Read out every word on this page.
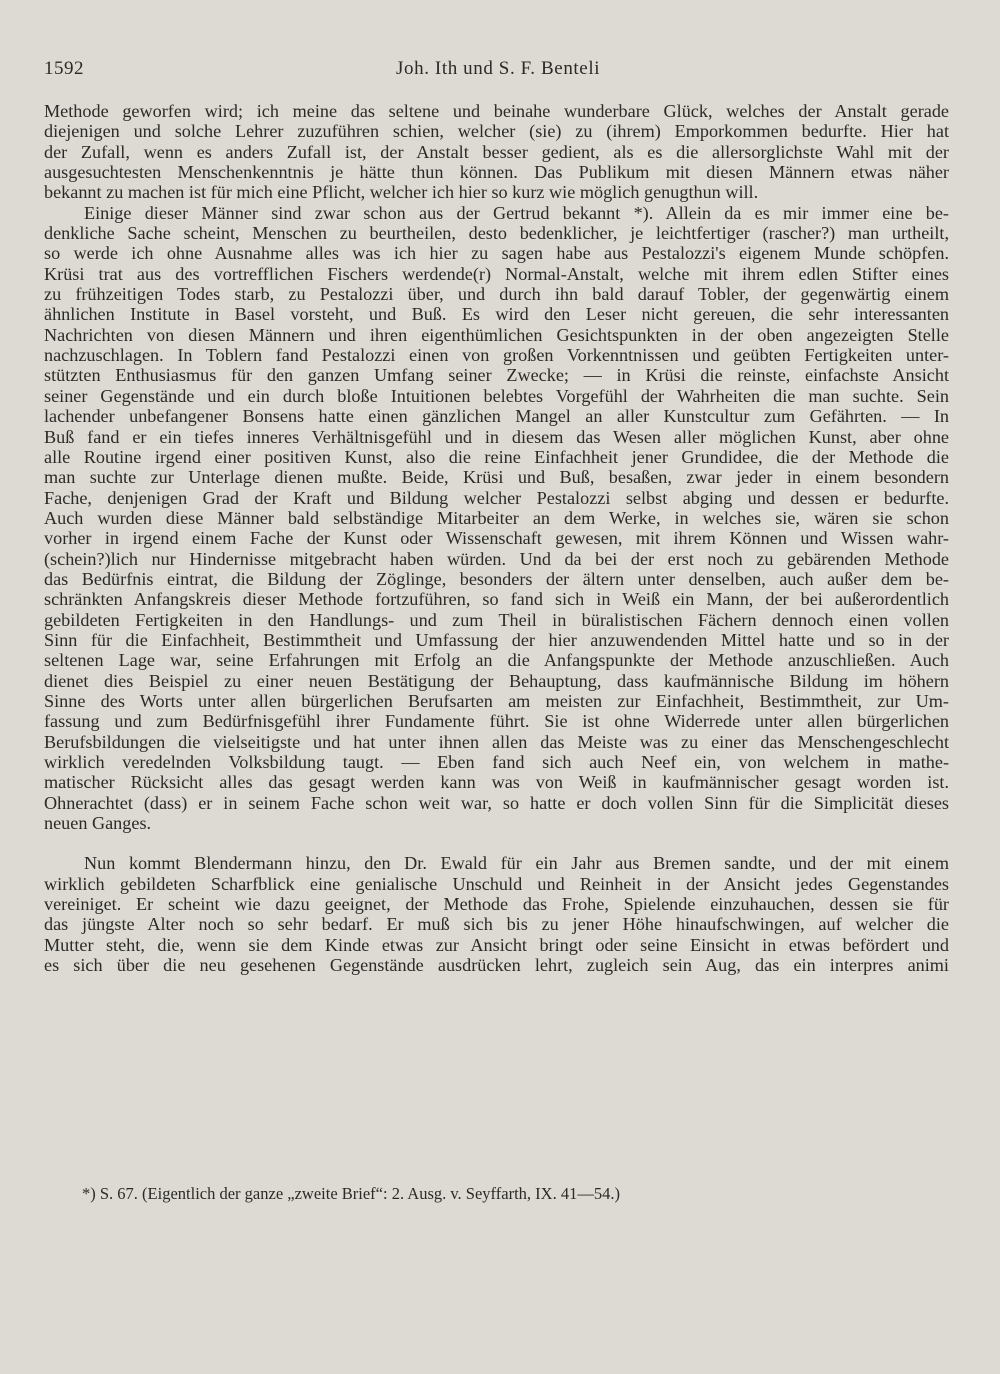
1592	Joh. Ith und S. F. Benteli
Methode geworfen wird; ich meine das seltene und beinahe wunderbare Glück, welches der Anstalt gerade
diejenigen und solche Lehrer zuzuführen schien, welcher (sie) zu (ihrem) Emporkommen bedurfte. Hier hat
der Zufall, wenn es anders Zufall ist, der Anstalt besser gedient, als es die allersorglichste Wahl mit der
ausgesuchtesten Menschenkenntnis je hätte thun können. Das Publikum mit diesen Männern etwas näher
bekannt zu machen ist für mich eine Pflicht, welcher ich hier so kurz wie möglich genugthun will.
Einige dieser Männer sind zwar schon aus der Gertrud bekannt *). Allein da es mir immer eine be-
denkliche Sache scheint, Menschen zu beurtheilen, desto bedenklicher, je leichtfertiger (rascher?) man urtheilt,
so werde ich ohne Ausnahme alles was ich hier zu sagen habe aus Pestalozzi's eigenem Munde schöpfen.
Krüsi trat aus des vortrefflichen Fischers werdende(r) Normal-Anstalt, welche mit ihrem edlen Stifter eines
zu frühzeitigen Todes starb, zu Pestalozzi über, und durch ihn bald darauf Tobler, der gegenwärtig einem
ähnlichen Institute in Basel vorsteht, und Buß. Es wird den Leser nicht gereuen, die sehr interessanten
Nachrichten von diesen Männern und ihren eigenthümlichen Gesichtspunkten in der oben angezeigten Stelle
nachzuschlagen. In Toblern fand Pestalozzi einen von großen Vorkenntnissen und geübten Fertigkeiten unter-
stützten Enthusiasmus für den ganzen Umfang seiner Zwecke; — in Krüsi die reinste, einfachste Ansicht
seiner Gegenstände und ein durch bloße Intuitionen belebtes Vorgefühl der Wahrheiten die man suchte. Sein
lachender unbefangener Bonsens hatte einen gänzlichen Mangel an aller Kunstcultur zum Gefährten. — In
Buß fand er ein tiefes inneres Verhältnisgefühl und in diesem das Wesen aller möglichen Kunst, aber ohne
alle Routine irgend einer positiven Kunst, also die reine Einfachheit jener Grundidee, die der Methode die
man suchte zur Unterlage dienen mußte. Beide, Krüsi und Buß, besaßen, zwar jeder in einem besondern
Fache, denjenigen Grad der Kraft und Bildung welcher Pestalozzi selbst abging und dessen er bedurfte.
Auch wurden diese Männer bald selbständige Mitarbeiter an dem Werke, in welches sie, wären sie schon
vorher in irgend einem Fache der Kunst oder Wissenschaft gewesen, mit ihrem Können und Wissen wahr-
(schein?)lich nur Hindernisse mitgebracht haben würden. Und da bei der erst noch zu gebärenden Methode
das Bedürfnis eintrat, die Bildung der Zöglinge, besonders der ältern unter denselben, auch außer dem be-
schränkten Anfangskreis dieser Methode fortzuführen, so fand sich in Weiß ein Mann, der bei außerordentlich
gebildeten Fertigkeiten in den Handlungs- und zum Theil in büralistischen Fächern dennoch einen vollen
Sinn für die Einfachheit, Bestimmtheit und Umfassung der hier anzuwendenden Mittel hatte und so in der
seltenen Lage war, seine Erfahrungen mit Erfolg an die Anfangspunkte der Methode anzuschließen. Auch
dienet dies Beispiel zu einer neuen Bestätigung der Behauptung, dass kaufmännische Bildung im höhern
Sinne des Worts unter allen bürgerlichen Berufsarten am meisten zur Einfachheit, Bestimmtheit, zur Um-
fassung und zum Bedürfnisgefühl ihrer Fundamente führt. Sie ist ohne Widerrede unter allen bürgerlichen
Berufsbildungen die vielseitigste und hat unter ihnen allen das Meiste was zu einer das Menschengeschlecht
wirklich veredelnden Volksbildung taugt. — Eben fand sich auch Neef ein, von welchem in mathe-
matischer Rücksicht alles das gesagt werden kann was von Weiß in kaufmännischer gesagt worden ist.
Ohnerachtet (dass) er in seinem Fache schon weit war, so hatte er doch vollen Sinn für die Simplicität dieses
neuen Ganges.
Nun kommt Blendermann hinzu, den Dr. Ewald für ein Jahr aus Bremen sandte, und der mit einem
wirklich gebildeten Scharfblick eine genialische Unschuld und Reinheit in der Ansicht jedes Gegenstandes
vereiniget. Er scheint wie dazu geeignet, der Methode das Frohe, Spielende einzuhauchen, dessen sie für
das jüngste Alter noch so sehr bedarf. Er muß sich bis zu jener Höhe hinaufschwingen, auf welcher die
Mutter steht, die, wenn sie dem Kinde etwas zur Ansicht bringt oder seine Einsicht in etwas befördert und
es sich über die neu gesehenen Gegenstände ausdrücken lehrt, zugleich sein Aug, das ein interpres animi
*) S. 67. (Eigentlich der ganze „zweite Brief“: 2. Ausg. v. Seyffarth, IX. 41—54.)
